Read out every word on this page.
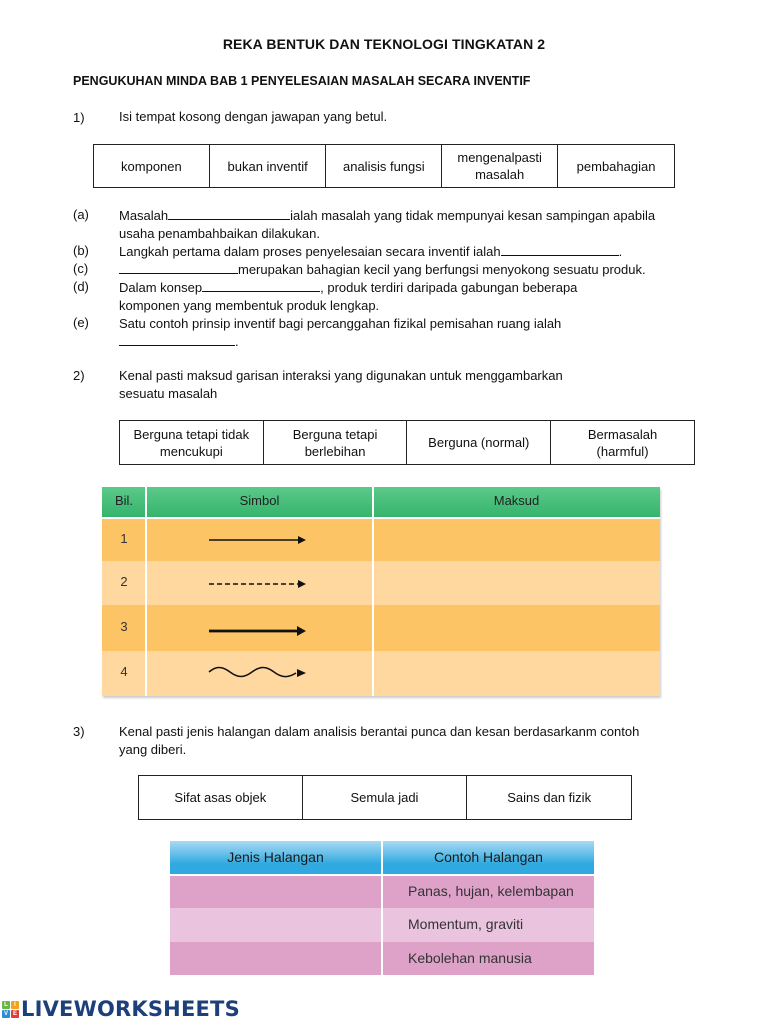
REKA BENTUK DAN TEKNOLOGI TINGKATAN 2
PENGUKUHAN MINDA BAB 1 PENYELESAIAN MASALAH SECARA INVENTIF
1)	Isi tempat kosong dengan jawapan yang betul.
komponen	bukan inventif	analisis fungsi	mengenalpasti masalah	pembahagian
(a) Masalah	ialah masalah yang tidak mempunyai kesan sampingan apabila
usaha penambahbaikan dilakukan.
(b) Langkah pertama dalam proses penyelesaian secara inventif ialah	.
(c)	merupakan bahagian kecil yang berfungsi menyokong sesuatu produk.
(d) Dalam konsep	, produk terdiri daripada gabungan beberapa
komponen yang membentuk produk lengkap.
(e) Satu contoh prinsip inventif bagi percanggahan fizikal pemisahan ruang ialah
.
2)	Kenal pasti maksud garisan interaksi yang digunakan untuk menggambarkan
sesuatu masalah
Berguna tetapi tidak mencukupi	Berguna tetapi berlebihan	Berguna (normal)	Bermasalah (harmful)
Bil.	Simbol	Maksud
1
2
3
4
3)	Kenal pasti jenis halangan dalam analisis berantai punca dan kesan berdasarkanm contoh
yang diberi.
Sifat asas objek	Semula jadi	Sains dan fizik
Jenis Halangan	Contoh Halangan
Panas, hujan, kelembapan
Momentum, graviti
Kebolehan manusia
L	I
V E LIVEWORKSHEETS
